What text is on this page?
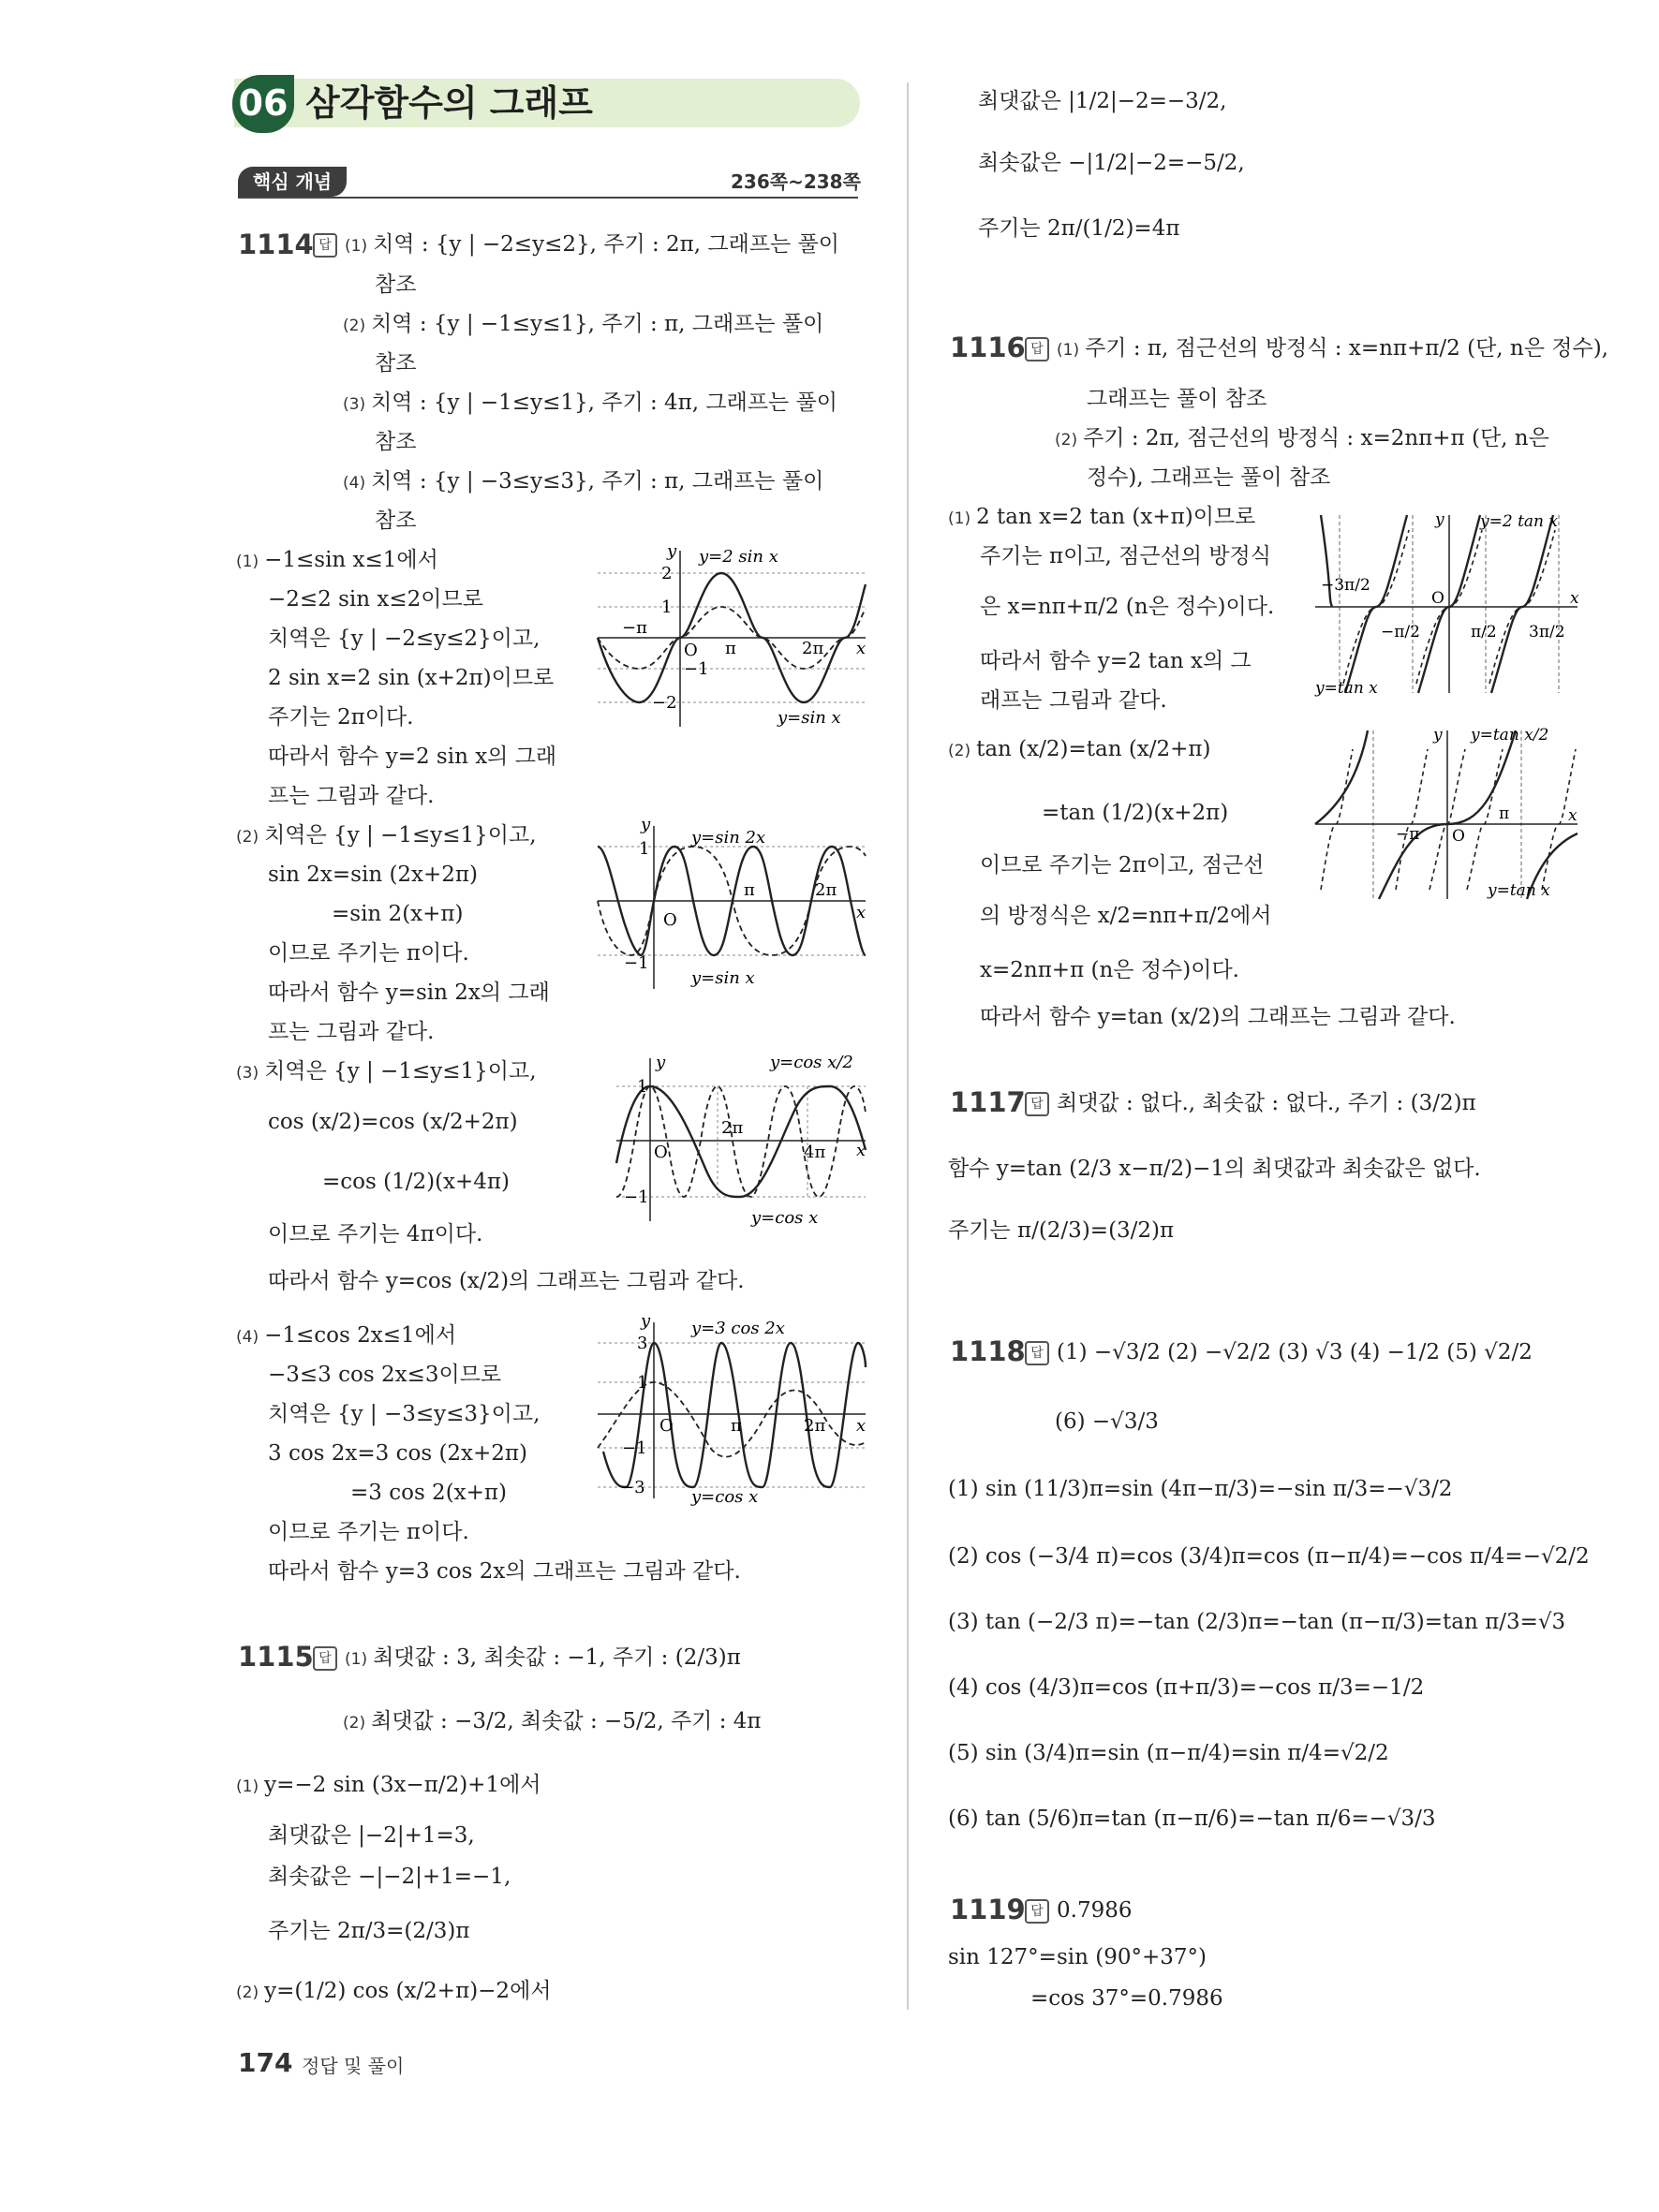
06 삼각함수의 그래프
핵심 개념	236쪽~238쪽
1114 답 (1) 치역 : {y | −2≤y≤2}, 주기 : 2π, 그래프는 풀이
참조
(2) 치역 : {y | −1≤y≤1}, 주기 : π, 그래프는 풀이
참조
(3) 치역 : {y | −1≤y≤1}, 주기 : 4π, 그래프는 풀이
참조
(4) 치역 : {y | −3≤y≤3}, 주기 : π, 그래프는 풀이
참조
(1) −1≤sin x≤1에서
−2≤2 sin x≤2이므로
치역은 {y | −2≤y≤2}이고,
2 sin x=2 sin (x+2π)이므로
주기는 2π이다.
따라서 함수 y=2 sin x의 그래
프는 그림과 같다.
(2) 치역은 {y | −1≤y≤1}이고,
sin 2x=sin (2x+2π)
=sin 2(x+π)
이므로 주기는 π이다.
따라서 함수 y=sin 2x의 그래
프는 그림과 같다.
(3) 치역은 {y | −1≤y≤1}이고,
cos (x/2)=cos (x/2+2π)
=cos (1/2)(x+4π)
이므로 주기는 4π이다.
따라서 함수 y=cos (x/2)의 그래프는 그림과 같다.
(4) −1≤cos 2x≤1에서
−3≤3 cos 2x≤3이므로
치역은 {y | −3≤y≤3}이고,
3 cos 2x=3 cos (2x+2π)
=3 cos 2(x+π)
이므로 주기는 π이다.
따라서 함수 y=3 cos 2x의 그래프는 그림과 같다.
1115 답 (1) 최댓값 : 3, 최솟값 : −1, 주기 : (2/3)π
(2) 최댓값 : −3/2, 최솟값 : −5/2, 주기 : 4π
(1) y=−2 sin (3x−π/2)+1에서
최댓값은 |−2|+1=3,
최솟값은 −|−2|+1=−1,
주기는 2π/3=(2/3)π
(2) y=(1/2) cos (x/2+π)−2에서
174 정답 및 풀이
y
x
O
2
1
−1
−2
−π
π	2π
y=2 sin x
y=sin x
y
x
O
1
−1
π	2π
y=sin 2x
y=sin x
y
x
O
1
−1
2π
4π
y=cos x/2
y=cos x
y
x
O
3
1
−1
−3
π	2π
y=3 cos 2x
y=cos x
최댓값은 |1/2|−2=−3/2,
최솟값은 −|1/2|−2=−5/2,
주기는 2π/(1/2)=4π
1116 답 (1) 주기 : π, 점근선의 방정식 : x=nπ+π/2 (단, n은 정수),
그래프는 풀이 참조
(2) 주기 : 2π, 점근선의 방정식 : x=2nπ+π (단, n은
정수), 그래프는 풀이 참조
(1) 2 tan x=2 tan (x+π)이므로
주기는 π이고, 점근선의 방정식
은 x=nπ+π/2 (n은 정수)이다.
따라서 함수 y=2 tan x의 그
래프는 그림과 같다.
(2) tan (x/2)=tan (x/2+π)
=tan (1/2)(x+2π)
이므로 주기는 2π이고, 점근선
의 방정식은 x/2=nπ+π/2에서
x=2nπ+π (n은 정수)이다.
따라서 함수 y=tan (x/2)의 그래프는 그림과 같다.
y
x
O
−3π/2
−π/2	π/2 3π/2
y=2 tan x
y=tan x
y
x
O
−π
π
y=tan x/2
y=tan x
1117 답 최댓값 : 없다., 최솟값 : 없다., 주기 : (3/2)π
함수 y=tan (2/3 x−π/2)−1의 최댓값과 최솟값은 없다.
주기는 π/(2/3)=(3/2)π
1118 답 (1) −√3/2 (2) −√2/2 (3) √3 (4) −1/2 (5) √2/2
(6) −√3/3
(1) sin (11/3)π=sin (4π−π/3)=−sin π/3=−√3/2
(2) cos (−3/4 π)=cos (3/4)π=cos (π−π/4)=−cos π/4=−√2/2
(3) tan (−2/3 π)=−tan (2/3)π=−tan (π−π/3)=tan π/3=√3
(4) cos (4/3)π=cos (π+π/3)=−cos π/3=−1/2
(5) sin (3/4)π=sin (π−π/4)=sin π/4=√2/2
(6) tan (5/6)π=tan (π−π/6)=−tan π/6=−√3/3
1119 답 0.7986
sin 127°=sin (90°+37°)
=cos 37°=0.7986
